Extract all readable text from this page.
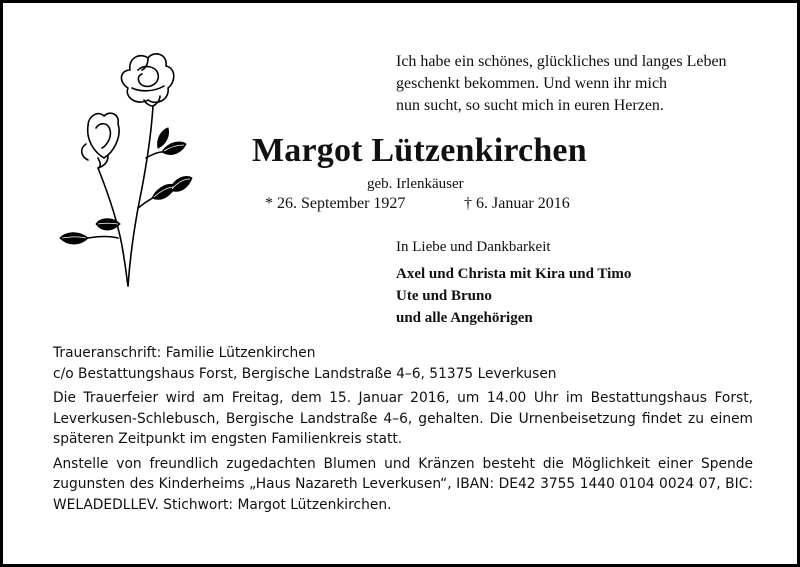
Ich habe ein schönes, glückliches und langes Leben
geschenkt bekommen. Und wenn ihr mich
nun sucht, so sucht mich in euren Herzen.
Margot Lützenkirchen
geb. Irlenkäuser
* 26. September 1927	† 6. Januar 2016
In Liebe und Dankbarkeit
Axel und Christa mit Kira und Timo
Ute und Bruno
und alle Angehörigen
Traueranschrift: Familie Lützenkirchen
c/o Bestattungshaus Forst, Bergische Landstraße 4–6, 51375 Leverkusen
Die Trauerfeier wird am Freitag, dem 15. Januar 2016, um 14.00 Uhr im Bestattungshaus Forst, Leverkusen-Schlebusch, Bergische Landstraße 4–6, gehalten. Die Urnenbeisetzung findet zu einem späteren Zeitpunkt im engsten Familienkreis statt.
Anstelle von freundlich zugedachten Blumen und Kränzen besteht die Möglichkeit einer Spende zugunsten des Kinderheims „Haus Nazareth Leverkusen“, IBAN: DE42 3755 1440 0104 0024 07, BIC: WELADEDLLEV. Stichwort: Margot Lützenkirchen.
